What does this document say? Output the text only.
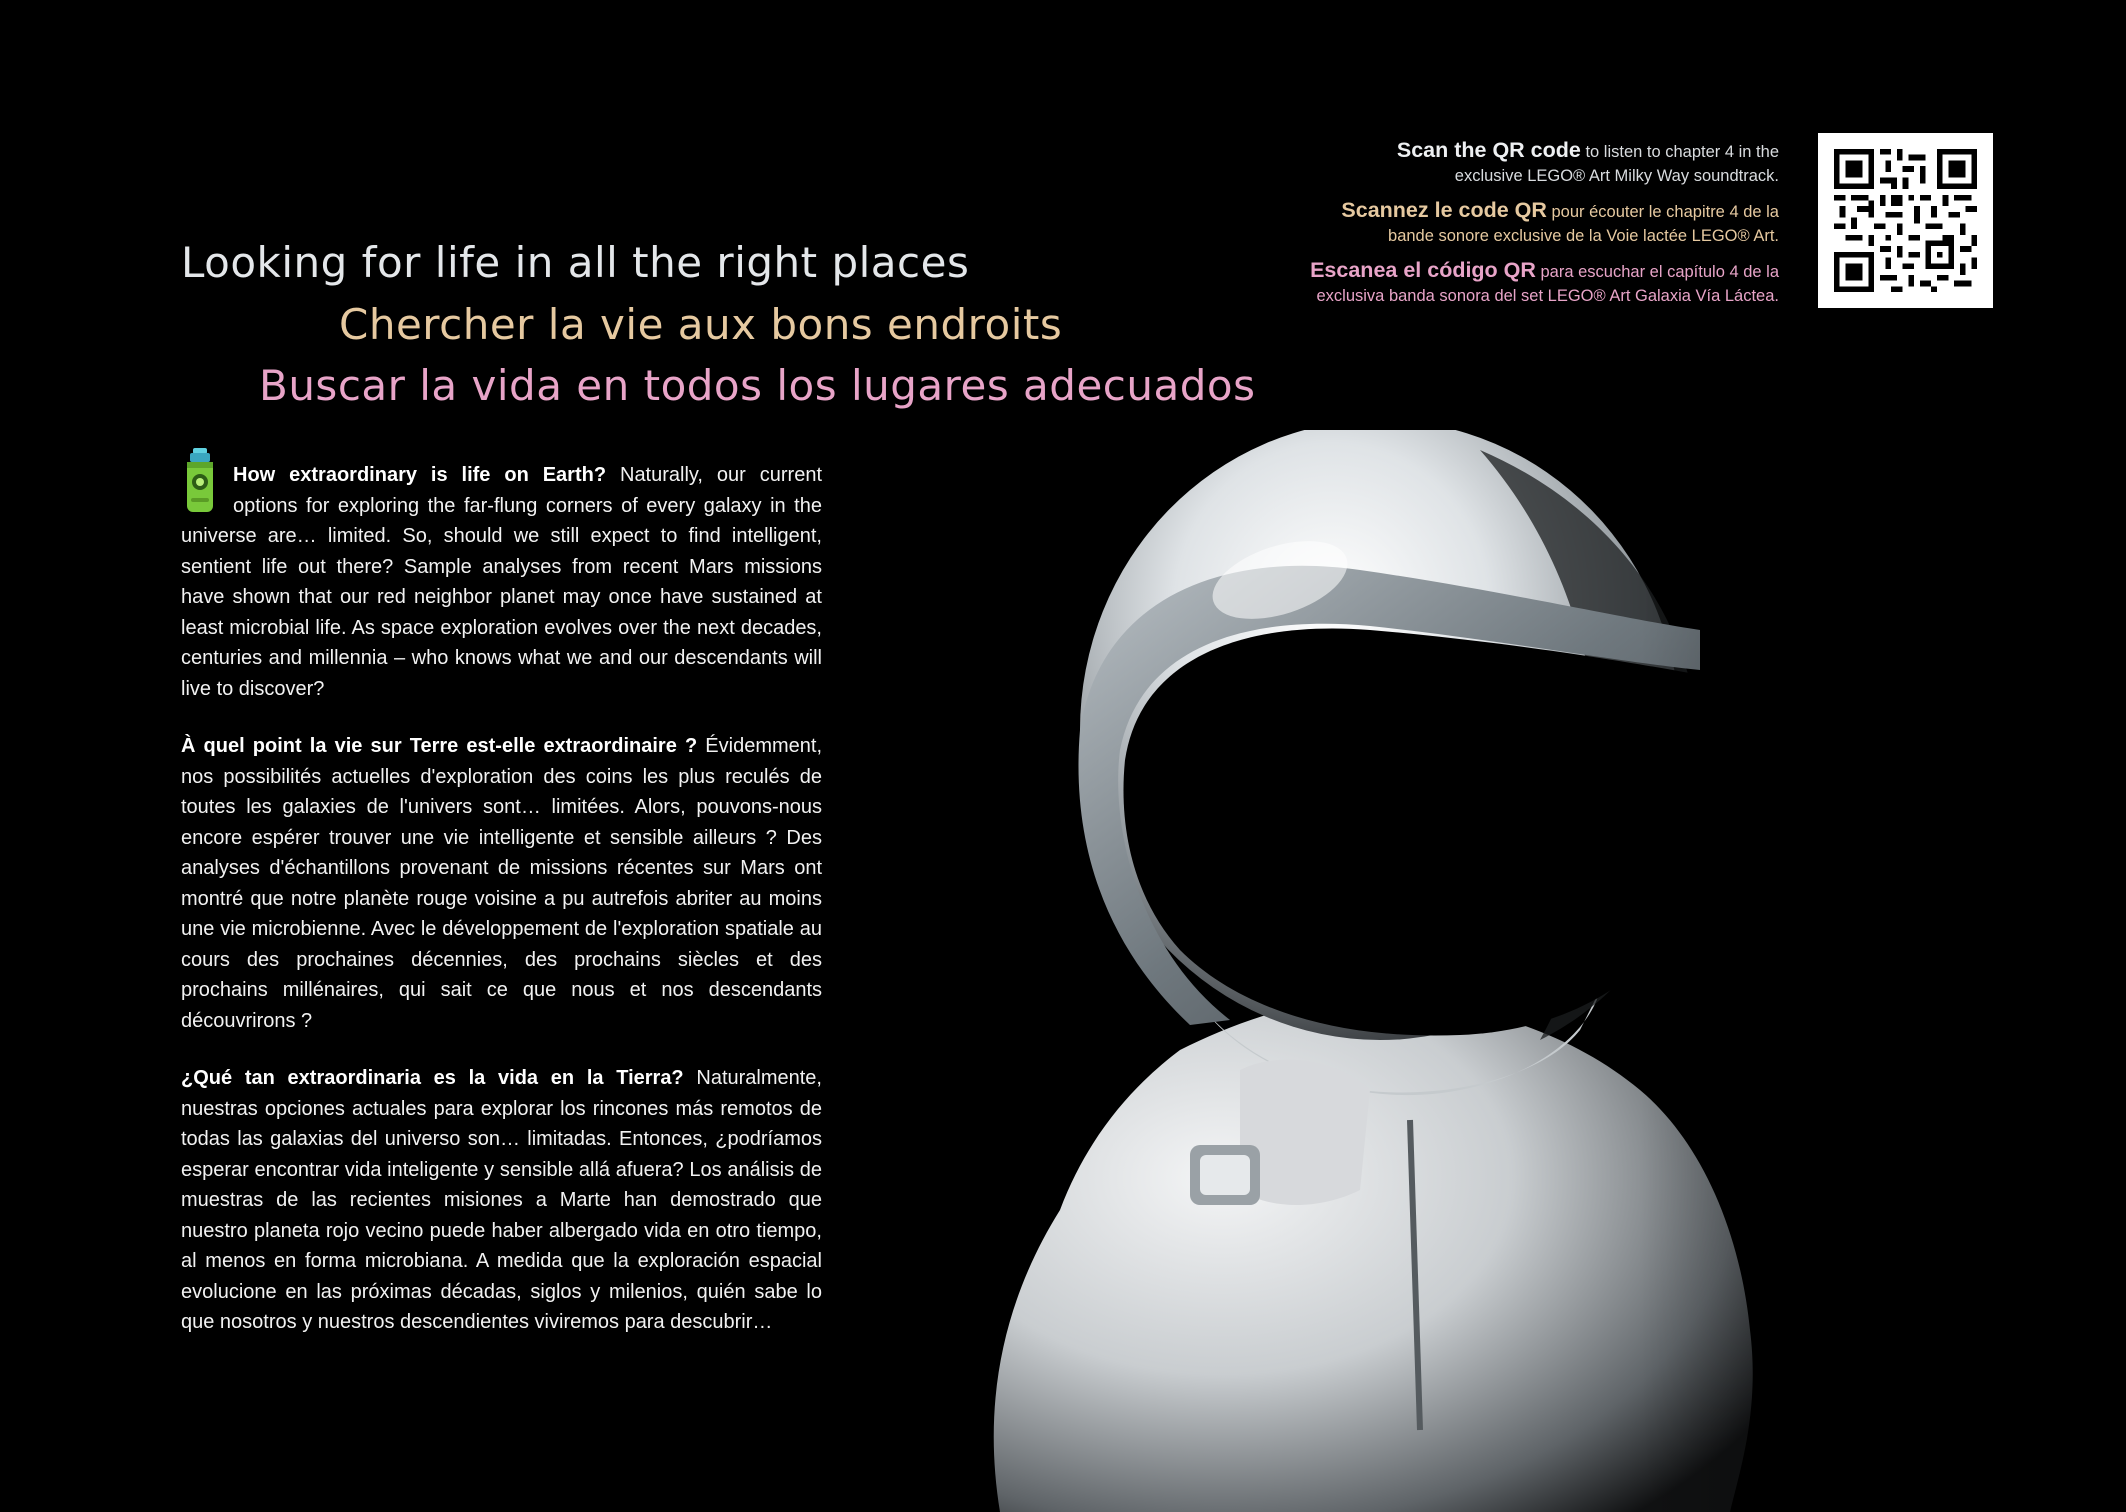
Looking for life in all the right places
Chercher la vie aux bons endroits
Buscar la vida en todos los lugares adecuados

Scan the QR code to listen to chapter 4 in the
exclusive LEGO® Art Milky Way soundtrack.

Scannez le code QR pour écouter le chapitre 4 de la
bande sonore exclusive de la Voie lactée LEGO® Art.

Escanea el código QR para escuchar el capítulo 4 de la
exclusiva banda sonora del set LEGO® Art Galaxia Vía Láctea.

How extraordinary is life on Earth? Naturally, our current options for exploring the far-flung corners of every galaxy in the universe are… limited. So, should we still expect to find intelligent, sentient life out there? Sample analyses from recent Mars missions have shown that our red neighbor planet may once have sustained at least microbial life. As space exploration evolves over the next decades, centuries and millennia – who knows what we and our descendants will live to discover?

À quel point la vie sur Terre est-elle extraordinaire ? Évidemment, nos possibilités actuelles d'exploration des coins les plus reculés de toutes les galaxies de l'univers sont… limitées. Alors, pouvons-nous encore espérer trouver une vie intelligente et sensible ailleurs ? Des analyses d'échantillons provenant de missions récentes sur Mars ont montré que notre planète rouge voisine a pu autrefois abriter au moins une vie microbienne. Avec le développement de l'exploration spatiale au cours des prochaines décennies, des prochains siècles et des prochains millénaires, qui sait ce que nous et nos descendants découvrirons ?

¿Qué tan extraordinaria es la vida en la Tierra? Naturalmente, nuestras opciones actuales para explorar los rincones más remotos de todas las galaxias del universo son… limitadas. Entonces, ¿podríamos esperar encontrar vida inteligente y sensible allá afuera? Los análisis de muestras de las recientes misiones a Marte han demostrado que nuestro planeta rojo vecino puede haber albergado vida en otro tiempo, al menos en forma microbiana. A medida que la exploración espacial evolucione en las próximas décadas, siglos y milenios, quién sabe lo que nosotros y nuestros descendientes viviremos para descubrir…
